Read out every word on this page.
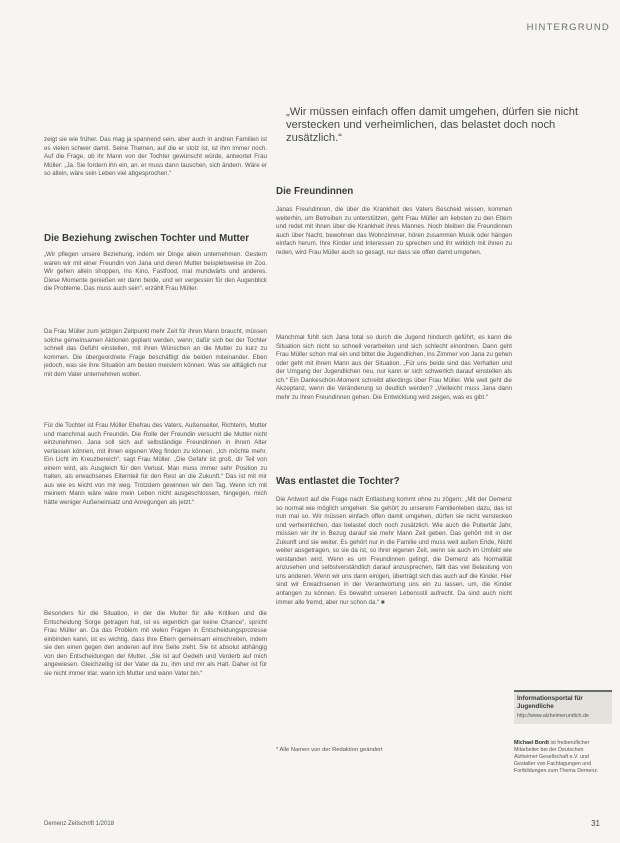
HINTERGRUND
„Wir müssen einfach offen damit umgehen, dürfen sie nicht verstecken und verheimlichen, das belastet doch noch zusätzlich.“

zeigt sie wie früher. Das mag ja spannend sein, aber auch in andren Familien ist es vielen schwer damit. Seine Themen, auf die er stolz ist, ist ihm immer noch. Auf die Frage, ob ihr Mann von der Tochter gewünscht würde, antwortet Frau Müller: „Ja. Sie fordern ihn ein, an. er muss dann tauschen, sich ändern. Wäre er so allein, wäre sein Leben viel abgesprochen.“

Die Beziehung zwischen Tochter und Mutter

„Wir pflegen unsere Beziehung, indem wir Dinge allein unternehmen. Gestern waren wir mit einer Freundin von Jana und deren Mutter beispielsweise im Zoo. Wir gehen allein shoppen, ins Kino, Fastfood, mal mundwärts und anderes. Diese Momente genießen wir dann beide, und wir vergessen für den Augenblick die Probleme. Das muss auch sein“, erzählt Frau Müller.

Da Frau Müller zum jetzigen Zeitpunkt mehr Zeit für ihren Mann braucht, müssen solche gemeinsamen Aktionen geplant werden, wenn; dafür sich bei der Tochter schnell das Gefühl einstellen, mit ihren Wünschen an die Mutter zu kurz zu kommen. Die übergeordnete Frage beschäftigt die beiden miteinander. Eben jedoch, was sie ihre Situation am besten meistern können. Was sie alltäglich nur mit dem Vater unternehmen wollen.

Für die Tochter ist Frau Müller Ehefrau des Vaters, Außenseiter, Richterin, Mutter und manchmal auch Freundin. Die Rolle der Freundin versucht die Mutter nicht einzunehmen. Jana soll sich auf selbständige Freundinnen in ihrem Alter verlassen können, mit ihnen eigenen Weg finden zu können. „Ich möchte mehr. Ein Licht im Kreuzbereich“, sagt Frau Müller. „Die Gefahr ist groß, dir Teil von einem wird, als Ausgleich für den Verlust. Man muss immer sehr Position zu halten, als erwachsenes Elternteil für den Rest an die Zukunft.“ Das ist mit mir aus wie es leicht von mir weg. Trotzdem gewinnen wir den Tag. Wenn ich mit meinem Mann wäre wäre mein Leben nicht ausgeschlossen, hingegen, mich hätte weniger Außeneinsatz und Anregungen als jetzt.“

Besonders für die Situation, in der die Mutter für alle Kritiken und die Entscheidung Sorge getragen hat, ist es eigentlich gar keine Chance“, spricht Frau Müller an. Da das Problem mit vielen Fragen in Entscheidungsprozesse einbinden kann, ist es wichtig, dass ihre Eltern gemeinsam einschreiten, indem sie den einen gegen den anderen auf ihre Seite zieht. Sie ist absolut abhängig von den Entscheidungen der Mutter. „Sie ist auf Gedeih und Verderb auf mich angewiesen. Gleichzeitig ist der Vater da zu, ihm und mir als Halt. Daher ist für sie nicht immer klar, wann ich Mutter und wann Vater bin.“

Die Freundinnen

Janas Freundinnen, die über die Krankheit des Vaters Bescheid wissen, kommen weiterhin, um Betreiben zu unterstützen, geht Frau Müller am liebsten zu den Eltern und redet mit ihnen über die Krankheit ihres Mannes. Noch bleiben die Freundinnen auch über Nacht, bewohnen das Wohnzimmer, hören zusammen Musik oder hängen einfach herum. Ihre Kinder und Interessen zu sprechen und ihr wirklich mit ihnen zu reden, wird Frau Müller auch so gesagt, nur dass sie offen damit umgehen.

Manchmal fühlt sich Jana total so durch die Jugend hindurch geführt, es kann die Situation sich nicht so schnell verarbeiten und sich schlecht einordnen. Dann geht Frau Müller schon mal ein und bittet die Jugendlichen, ins Zimmer von Jana zu gehen oder geht mit ihrem Mann aus der Situation. „Für uns beide sind das Verhalten und der Umgang der Jugendlichen neu, nur kann er sich schwerlich darauf einstellen als ich.“ Ein Dankeschön-Moment schreibt allerdings über Frau Müller. Wie weit geht die Akzeptanz, wenn die Veränderung so deutlich werden? „Vielleicht muss Jana dann mehr zu ihren Freundinnen gehen. Die Entwicklung wird zeigen, was es gibt.“

Was entlastet die Tochter?

Die Antwort auf die Frage nach Entlastung kommt ohne zu zögern: „Mit der Demenz so normal wie möglich umgehen. Sie gehört zu unserem Familienleben dazu, das ist nun mal so. Wir müssen einfach offen damit umgehen, dürfen sie nicht verstecken und verheimlichen, das belastet doch noch zusätzlich. Wie auch die Pubertät Jahr, müssen wir ihr in Bezug darauf sie mehr Mann Zeit geben. Das gehört mit in der Zukunft und sie weiter. Es gehört nur in die Familie und muss weit außen Ende, Nicht weiter ausgetragen, so sie da ist, so ihrer eigenen Zeit, wenn sie auch im Umfeld wie verstanden wird. Wenn es um Freundinnen gelingt, die Demenz als Normalität anzusehen und selbstverständlich darauf anzusprechen, fällt das viel Belastung von uns anderen. Wenn wir uns dann einigen, überträgt sich das auch auf die Kinder. Hier sind wir Erwachsenen in der Verantwortung uns ein zu lassen, um, die Kinder anfangen zu können. Es bewahrt unseren Lebensstil aufrecht. Da sind auch nicht immer alle fremd, aber nur schon da.“ ■

* Alle Namen von der Redaktion geändert
Informationsportal für Jugendliche
http://www.alzheimerundich.de
Michael Bordt ist freiberuflicher Mitarbeiter bei der Deutschen Alzheimer Gesellschaft e.V. und Gestalter von Fachtagungen und Fortbildungen zum Thema Demenz.
Demenz Zeitschrift 1/2018	31
